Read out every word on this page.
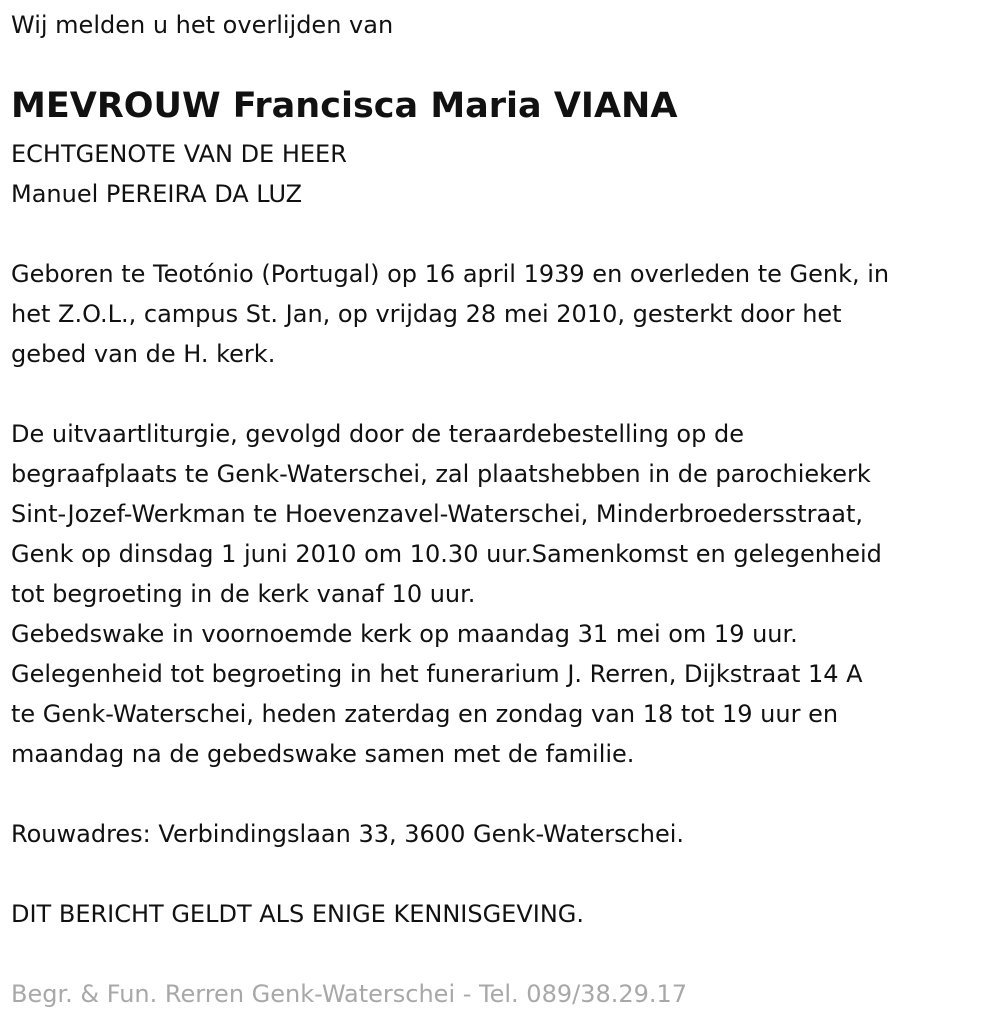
Wij melden u het overlijden van
MEVROUW Francisca Maria VIANA
ECHTGENOTE VAN DE HEER
Manuel PEREIRA DA LUZ
Geboren te Teotónio (Portugal) op 16 april 1939 en overleden te Genk, in
het Z.O.L., campus St. Jan, op vrijdag 28 mei 2010, gesterkt door het
gebed van de H. kerk.
De uitvaartliturgie, gevolgd door de teraardebestelling op de
begraafplaats te Genk-Waterschei, zal plaatshebben in de parochiekerk
Sint-Jozef-Werkman te Hoevenzavel-Waterschei, Minderbroedersstraat,
Genk op dinsdag 1 juni 2010 om 10.30 uur.Samenkomst en gelegenheid
tot begroeting in de kerk vanaf 10 uur.
Gebedswake in voornoemde kerk op maandag 31 mei om 19 uur.
Gelegenheid tot begroeting in het funerarium J. Rerren, Dijkstraat 14 A
te Genk-Waterschei, heden zaterdag en zondag van 18 tot 19 uur en
maandag na de gebedswake samen met de familie.
Rouwadres: Verbindingslaan 33, 3600 Genk-Waterschei.
DIT BERICHT GELDT ALS ENIGE KENNISGEVING.
Begr. & Fun. Rerren Genk-Waterschei - Tel. 089/38.29.17
